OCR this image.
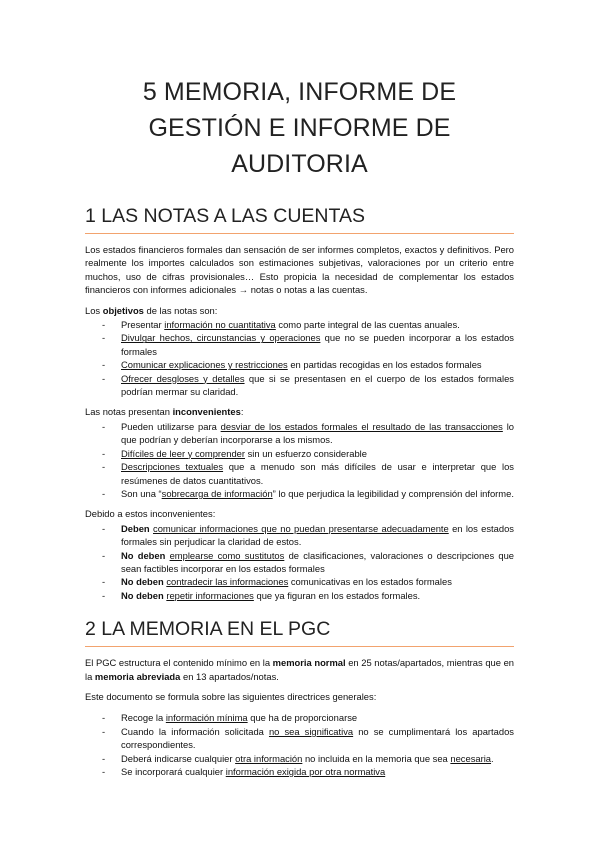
5 MEMORIA, INFORME DE GESTIÓN E INFORME DE AUDITORIA
1 LAS NOTAS A LAS CUENTAS

Los estados financieros formales dan sensación de ser informes completos, exactos y definitivos. Pero realmente los importes calculados son estimaciones subjetivas, valoraciones por un criterio entre muchos, uso de cifras provisionales… Esto propicia la necesidad de complementar los estados financieros con informes adicionales → notas o notas a las cuentas.

Los objetivos de las notas son:

- Presentar información no cuantitativa como parte integral de las cuentas anuales.
- Divulgar hechos, circunstancias y operaciones que no se pueden incorporar a los estados formales
- Comunicar explicaciones y restricciones en partidas recogidas en los estados formales
- Ofrecer desgloses y detalles que si se presentasen en el cuerpo de los estados formales podrían mermar su claridad.

Las notas presentan inconvenientes:

- Pueden utilizarse para desviar de los estados formales el resultado de las transacciones lo que podrían y deberían incorporarse a los mismos.
- Difíciles de leer y comprender sin un esfuerzo considerable
- Descripciones textuales que a menudo son más difíciles de usar e interpretar que los resúmenes de datos cuantitativos.
- Son una “sobrecarga de información” lo que perjudica la legibilidad y comprensión del informe.

Debido a estos inconvenientes:

- Deben comunicar informaciones que no puedan presentarse adecuadamente en los estados formales sin perjudicar la claridad de estos.
- No deben emplearse como sustitutos de clasificaciones, valoraciones o descripciones que sean factibles incorporar en los estados formales
- No deben contradecir las informaciones comunicativas en los estados formales
- No deben repetir informaciones que ya figuran en los estados formales.
2 LA MEMORIA EN EL PGC

El PGC estructura el contenido mínimo en la memoria normal en 25 notas/apartados, mientras que en la memoria abreviada en 13 apartados/notas.

Este documento se formula sobre las siguientes directrices generales:

- Recoge la información mínima que ha de proporcionarse
- Cuando la información solicitada no sea significativa no se cumplimentará los apartados correspondientes.
- Deberá indicarse cualquier otra información no incluida en la memoria que sea necesaria.
- Se incorporará cualquier información exigida por otra normativa
